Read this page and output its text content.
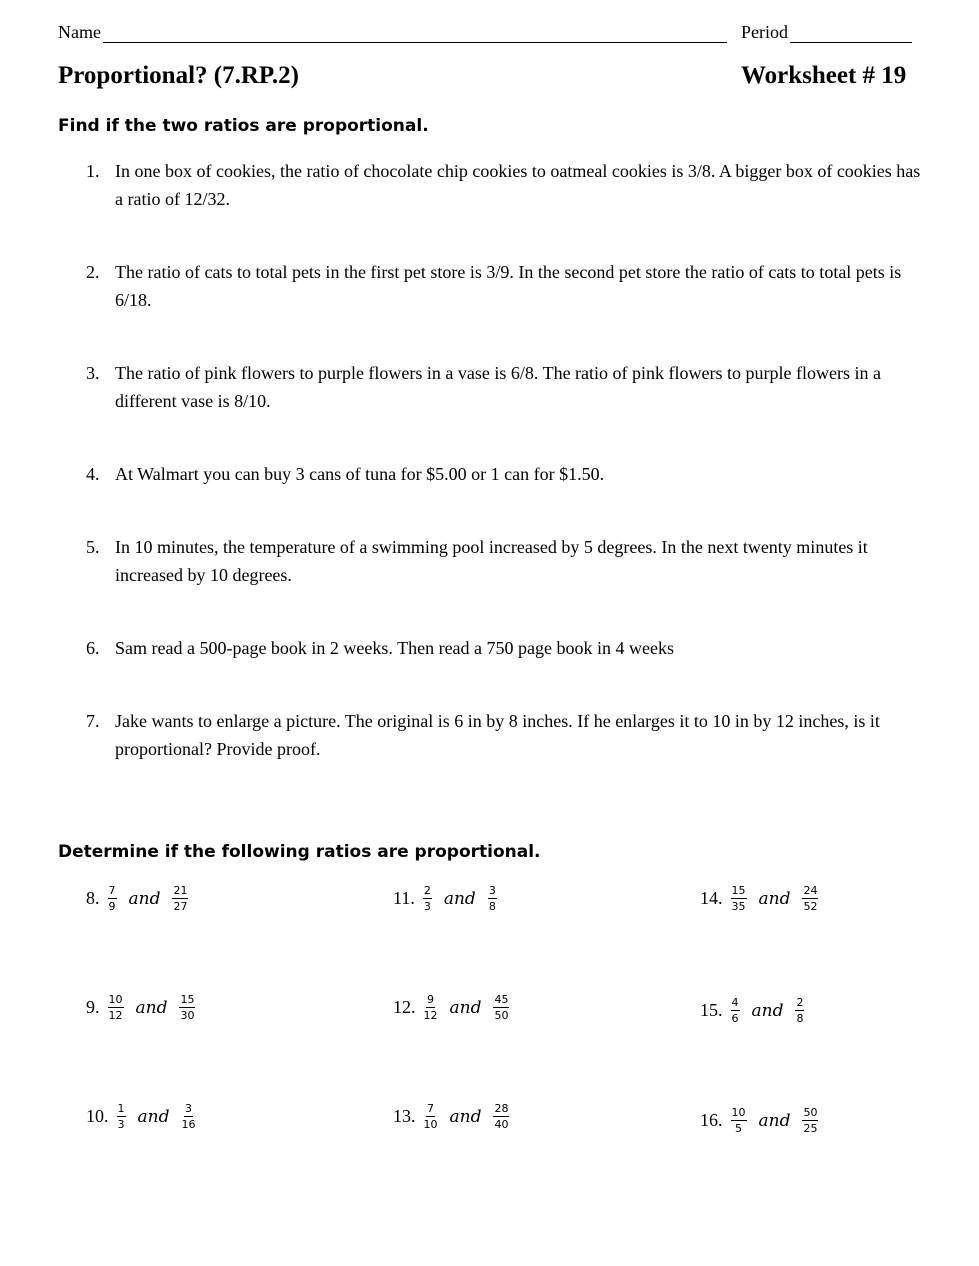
Name	Period
Proportional? (7.RP.2)	Worksheet # 19
Find if the two ratios are proportional.
1. In one box of cookies, the ratio of chocolate chip cookies to oatmeal cookies is 3/8. A bigger box of cookies has a ratio of 12/32.
2. The ratio of cats to total pets in the first pet store is 3/9. In the second pet store the ratio of cats to total pets is 6/18.
3. The ratio of pink flowers to purple flowers in a vase is 6/8. The ratio of pink flowers to purple flowers in a different vase is 8/10.
4. At Walmart you can buy 3 cans of tuna for $5.00 or 1 can for $1.50.
5. In 10 minutes, the temperature of a swimming pool increased by 5 degrees. In the next twenty minutes it increased by 10 degrees.
6. Sam read a 500-page book in 2 weeks. Then read a 750 page book in 4 weeks
7. Jake wants to enlarge a picture. The original is 6 in by 8 inches. If he enlarges it to 10 in by 12 inches, is it proportional? Provide proof.
Determine if the following ratios are proportional.
8. $\frac{7}{9}$ and $\frac{21}{27}$
9. $\frac{10}{12}$ and $\frac{15}{30}$
10. $\frac{1}{3}$ and $\frac{3}{16}$
11. $\frac{2}{3}$ and $\frac{3}{8}$
12. $\frac{9}{12}$ and $\frac{45}{50}$
13. $\frac{7}{10}$ and $\frac{28}{40}$
14. $\frac{15}{35}$ and $\frac{24}{52}$
15. $\frac{4}{6}$ and $\frac{2}{8}$
16. $\frac{10}{5}$ and $\frac{50}{25}$
